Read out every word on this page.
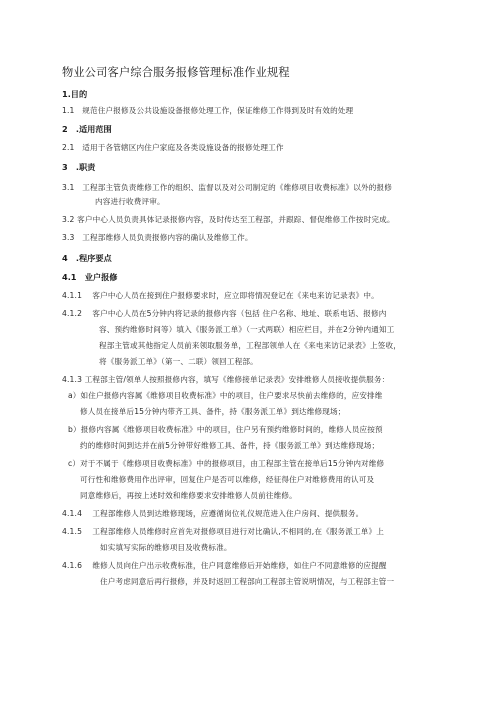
物业公司客户综合服务报修管理标准作业规程
1.目的
1.1　规范住户报修及公共设施设备报修处理工作，保证维修工作得到及时有效的处理
2　.适用范围
2.1　适用于各管辖区内住户家庭及各类设施设备的报修处理工作
3　.职责
3.1　工程部主管负责维修工作的组织、监督以及对公司制定的《维修项目收费标准》以外的报修
内容进行收费评审。
3.2 客户中心人员负责具体记录报修内容，及时传达至工程部，并跟踪、督促维修工作按时完成。
3.3　工程部维修人员负责报修内容的确认及维修工作。
4　.程序要点
4.1　业户报修
4.1.1　 客户中心人员在接到住户报修要求时，应立即将情况登记在《来电来访记录表》中。
4.1.2　 客户中心人员在5分钟内将记录的报修内容（包括 住户名称、地址、联系电话、报修内
容、预约维修时间等）填入《服务派工单》（一式两联）相应栏目，并在2分钟内通知工
程部主管或其他指定人员前来领取服务单，工程部领单人在《来电来访记录表》上签收，
将《服务派工单》（第一、二联）领回工程部。
4.1.3 工程部主管/领单人按照报修内容，填写《维修接单记录表》安排维修人员接收提供服务：
a）如住户报修内容属《维修项目收费标准》中的项目，住户要求尽快前去维修的，应安排维
修人员在接单后15分钟内带齐工具、备件，持《服务派工单》到达维修现场；
b）报修内容属《维修项目收费标准》中的项目，住户另有预约维修时间的，维修人员应按预
约的维修时间到达并在前5分钟带好维修工具、备件，持《服务派工单》到达维修现场；
c）对于不属于《维修项目收费标准》中的报修项目，由工程部主管在接单后15分钟内对维修
可行性和维修费用作出评审，回复住户是否可以维修，经征得住户对维修费用的认可及
同意维修后，再按上述时效和维修要求安排维修人员前往维修。
4.1.4　 工程部维修人员到达维修现场，应遵循岗位礼仪规范进入住户房间、提供服务。
4.1.5　 工程部维修人员维修时应首先对报修项目进行对比确认,不相同的,在《服务派工单》上
如实填写实际的维修项目及收费标准。
4.1.6　 维修人员向住户出示收费标准，住户同意维修后开始维修，如住户不同意维修的应提醒
住户考虑同意后再行报修，并及时返回工程部向工程部主管说明情况，与工程部主管一
